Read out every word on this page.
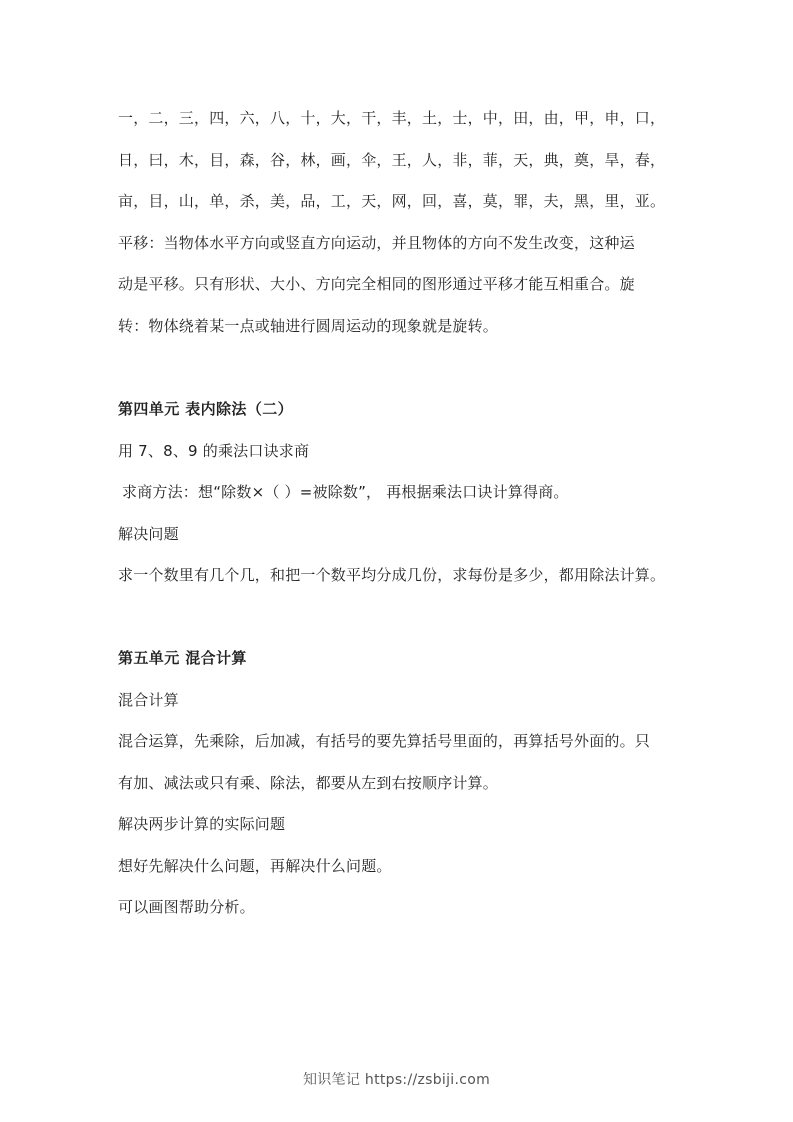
一，二，三，四，六，八，十，大，干，丰，土，士，中，田，由，甲，申，口，
日，曰，木，目，森，谷，林，画，伞，王，人，非，菲，天，典，奠，旱，春，
亩，目，山，单，杀，美，品，工，天，网，回，喜，莫，罪，夫，黑，里，亚。
平移：当物体水平方向或竖直方向运动，并且物体的方向不发生改变，这种运
动是平移。只有形状、大小、方向完全相同的图形通过平移才能互相重合。旋
转：物体绕着某一点或轴进行圆周运动的现象就是旋转。
第四单元 表内除法（二）
用 7、8、9 的乘法口诀求商
求商方法：想“除数×（ ）=被除数”， 再根据乘法口诀计算得商。
解决问题
求一个数里有几个几，和把一个数平均分成几份，求每份是多少，都用除法计算。
第五单元 混合计算
混合计算
混合运算，先乘除，后加减，有括号的要先算括号里面的，再算括号外面的。只
有加、减法或只有乘、除法，都要从左到右按顺序计算。
解决两步计算的实际问题
想好先解决什么问题，再解决什么问题。
可以画图帮助分析。
知识笔记 https://zsbiji.com
